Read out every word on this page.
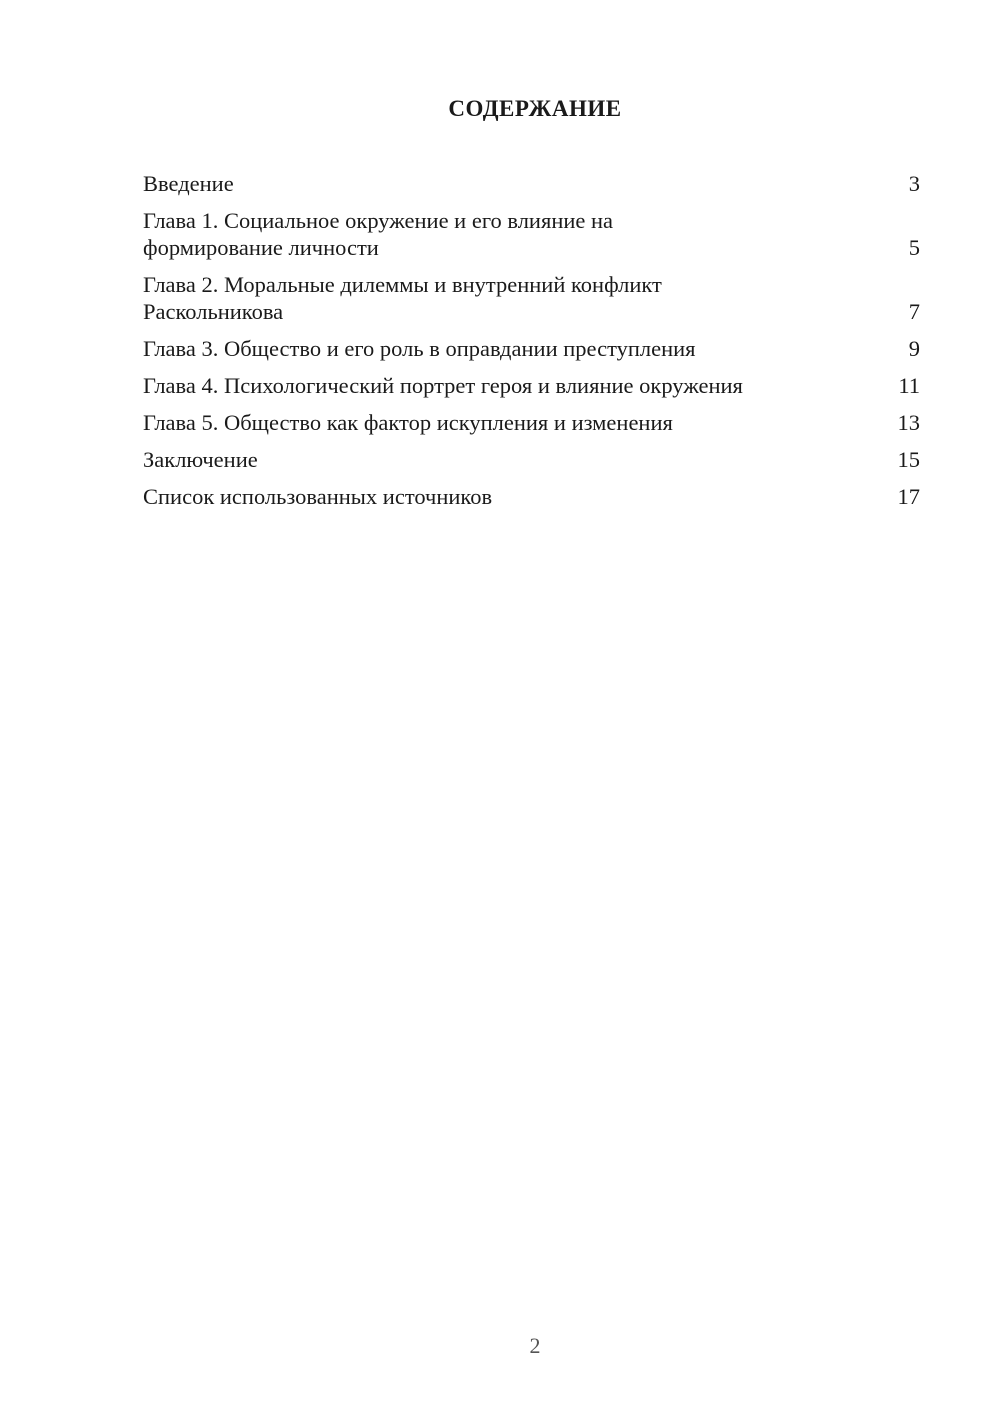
СОДЕРЖАНИЕ
Введение	3
Глава 1. Социальное окружение и его влияние на
формирование личности	5
Глава 2. Моральные дилеммы и внутренний конфликт
Раскольникова	7
Глава 3. Общество и его роль в оправдании преступления	9
Глава 4. Психологический портрет героя и влияние окружения	11
Глава 5. Общество как фактор искупления и изменения	13
Заключение	15
Список использованных источников	17
2
